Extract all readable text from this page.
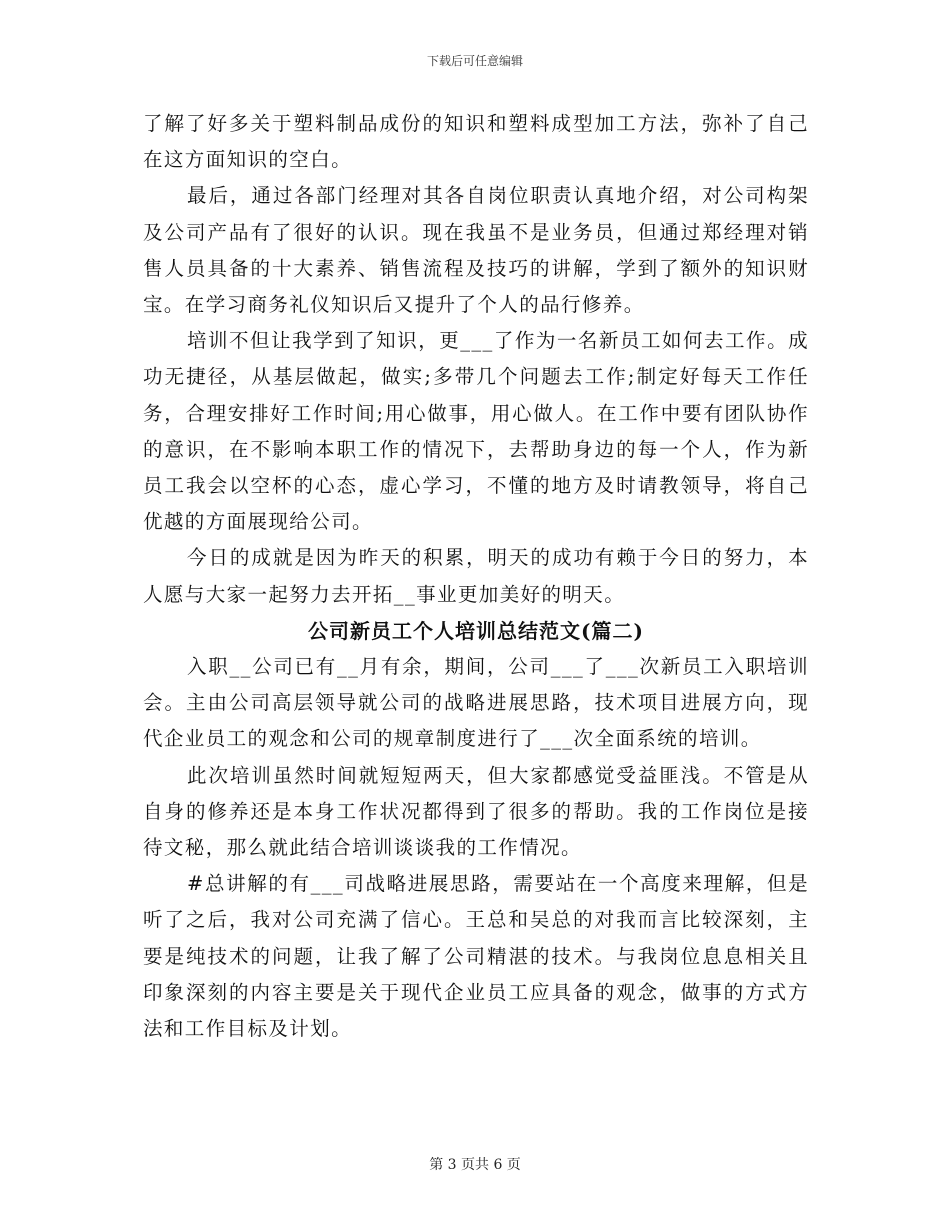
下载后可任意编辑

了解了好多关于塑料制品成份的知识和塑料成型加工方法，弥补了自己在这方面知识的空白。

最后，通过各部门经理对其各自岗位职责认真地介绍，对公司构架及公司产品有了很好的认识。现在我虽不是业务员，但通过郑经理对销售人员具备的十大素养、销售流程及技巧的讲解，学到了额外的知识财宝。在学习商务礼仪知识后又提升了个人的品行修养。

培训不但让我学到了知识，更___了作为一名新员工如何去工作。成功无捷径，从基层做起，做实;多带几个问题去工作;制定好每天工作任务，合理安排好工作时间;用心做事，用心做人。在工作中要有团队协作的意识，在不影响本职工作的情况下，去帮助身边的每一个人，作为新员工我会以空杯的心态，虚心学习，不懂的地方及时请教领导，将自己优越的方面展现给公司。

今日的成就是因为昨天的积累，明天的成功有赖于今日的努力，本人愿与大家一起努力去开拓__事业更加美好的明天。

公司新员工个人培训总结范文(篇二)

入职__公司已有__月有余，期间，公司___了___次新员工入职培训会。主由公司高层领导就公司的战略进展思路，技术项目进展方向，现代企业员工的观念和公司的规章制度进行了___次全面系统的培训。

此次培训虽然时间就短短两天，但大家都感觉受益匪浅。不管是从自身的修养还是本身工作状况都得到了很多的帮助。我的工作岗位是接待文秘，那么就此结合培训谈谈我的工作情况。

#总讲解的有___司战略进展思路，需要站在一个高度来理解，但是听了之后，我对公司充满了信心。王总和吴总的对我而言比较深刻，主要是纯技术的问题，让我了解了公司精湛的技术。与我岗位息息相关且印象深刻的内容主要是关于现代企业员工应具备的观念，做事的方式方法和工作目标及计划。

第 3 页共 6 页
